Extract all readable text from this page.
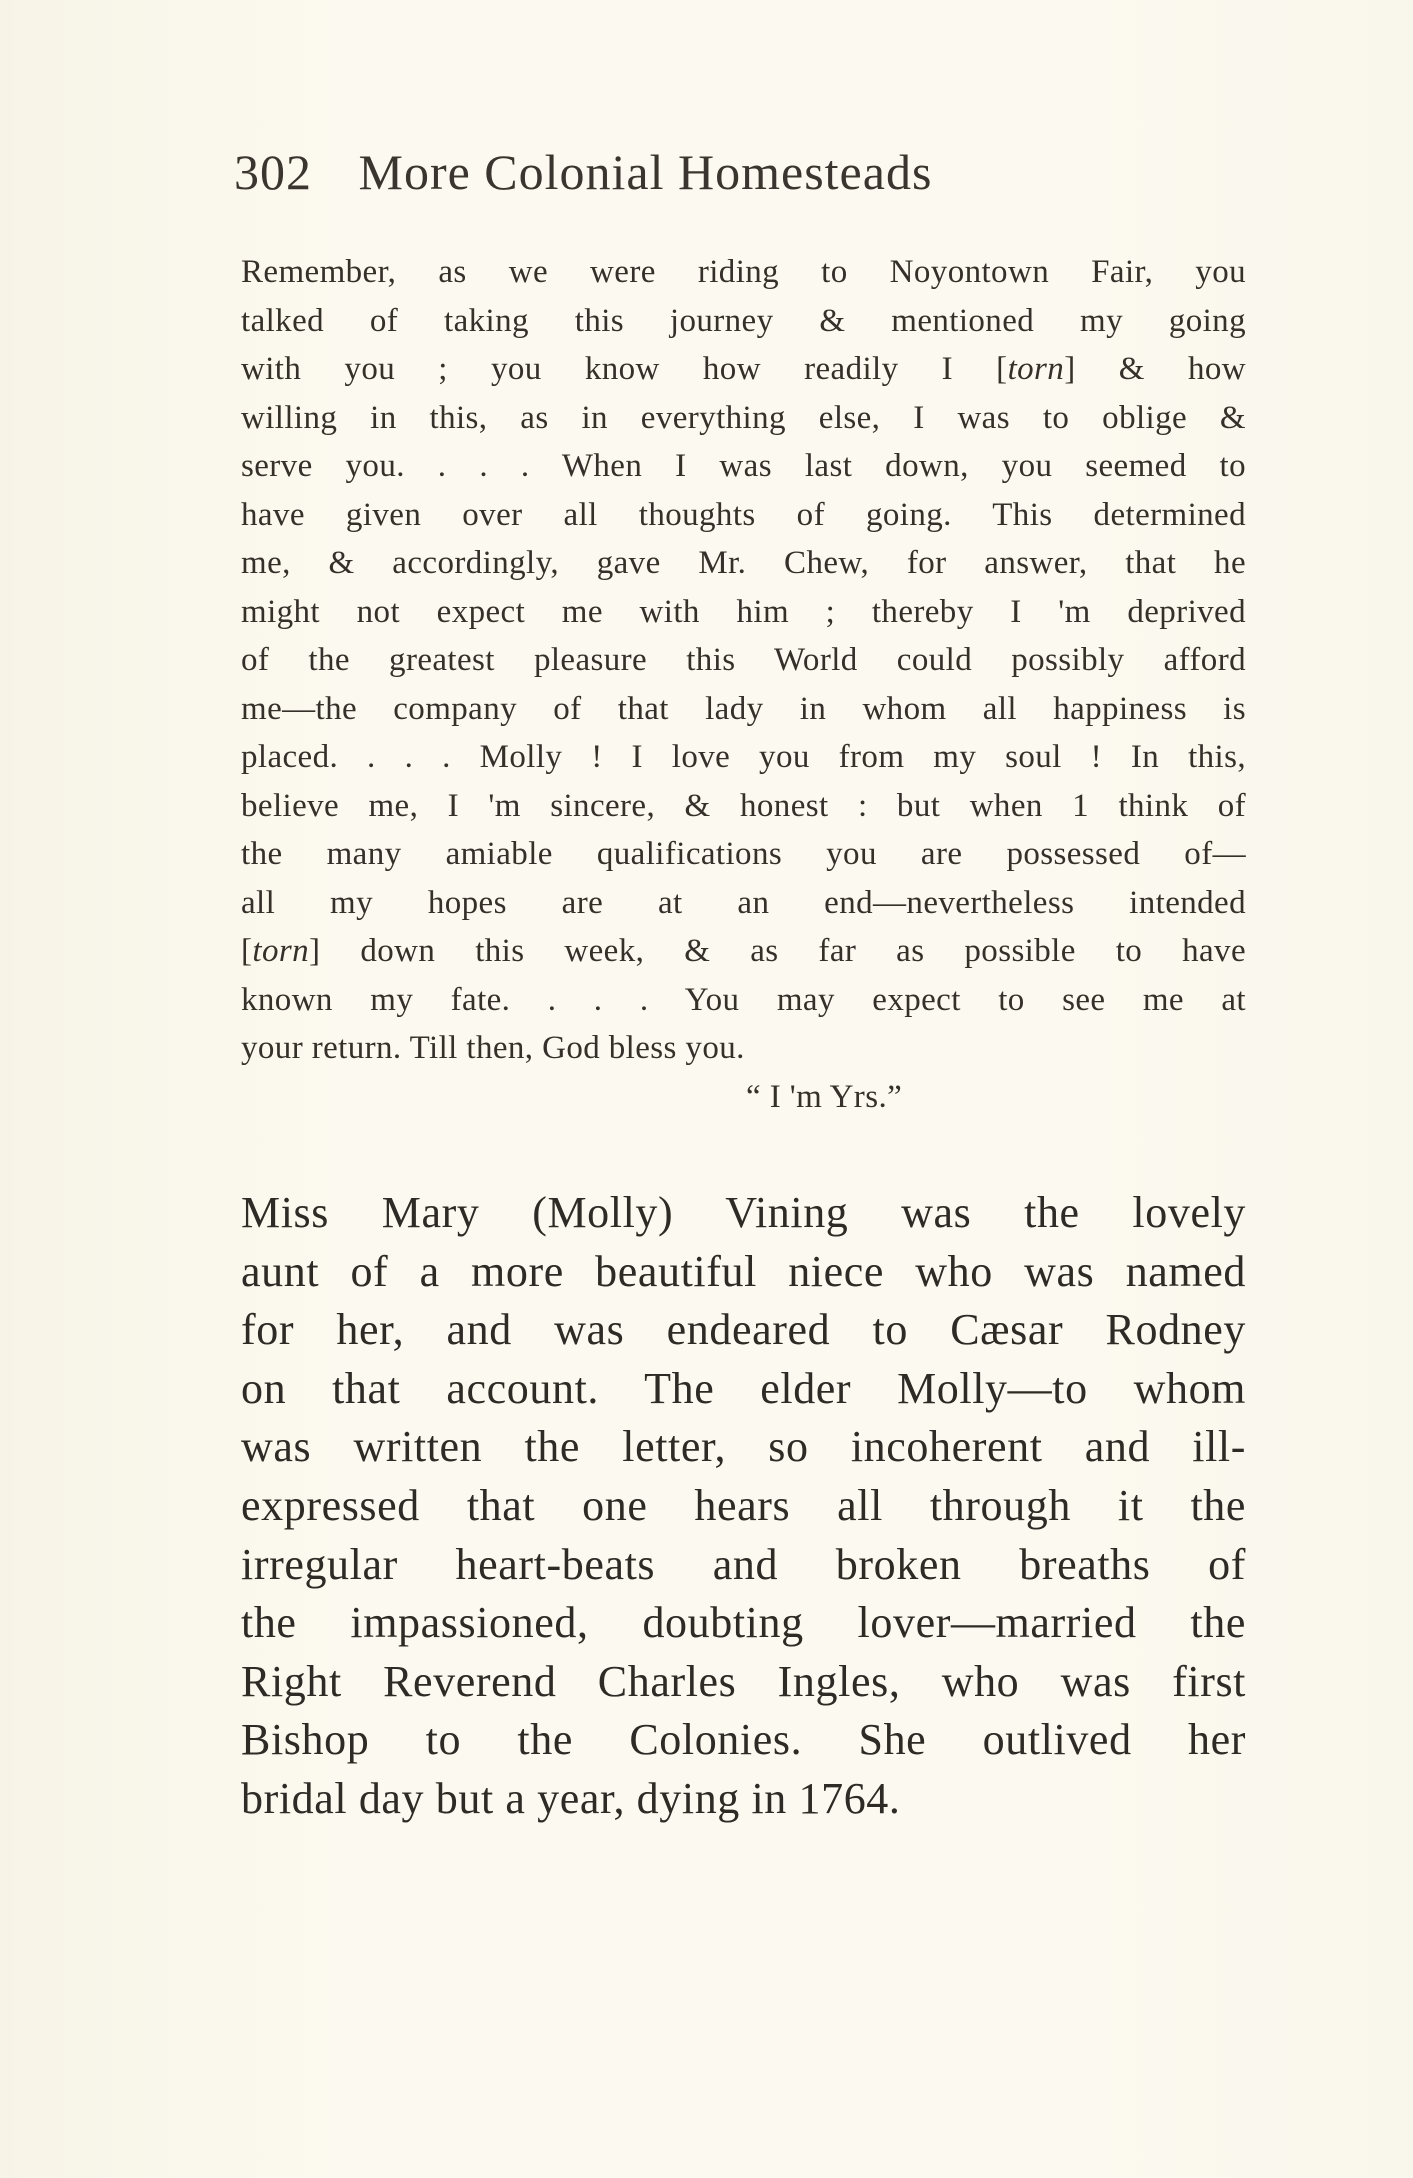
302 More Colonial Homesteads
Remember, as we were riding to Noyontown Fair, you
talked of taking this journey & mentioned my going
with you ; you know how readily I [torn] & how
willing in this, as in everything else, I was to oblige &
serve you. . . . When I was last down, you seemed to
have given over all thoughts of going. This determined
me, & accordingly, gave Mr. Chew, for answer, that he
might not expect me with him ; thereby I 'm deprived
of the greatest pleasure this World could possibly afford
me—the company of that lady in whom all happiness is
placed. . . . Molly ! I love you from my soul ! In this,
believe me, I 'm sincere, & honest : but when 1 think of
the many amiable qualifications you are possessed of—
all my hopes are at an end—nevertheless intended
[torn] down this week, & as far as possible to have
known my fate. . . . You may expect to see me at
your return. Till then, God bless you.
“ I 'm Yrs.”
Miss Mary (Molly) Vining was the lovely
aunt of a more beautiful niece who was named
for her, and was endeared to Cæsar Rodney
on that account. The elder Molly—to whom
was written the letter, so incoherent and ill-
expressed that one hears all through it the
irregular heart-beats and broken breaths of
the impassioned, doubting lover—married the
Right Reverend Charles Ingles, who was first
Bishop to the Colonies. She outlived her
bridal day but a year, dying in 1764.
